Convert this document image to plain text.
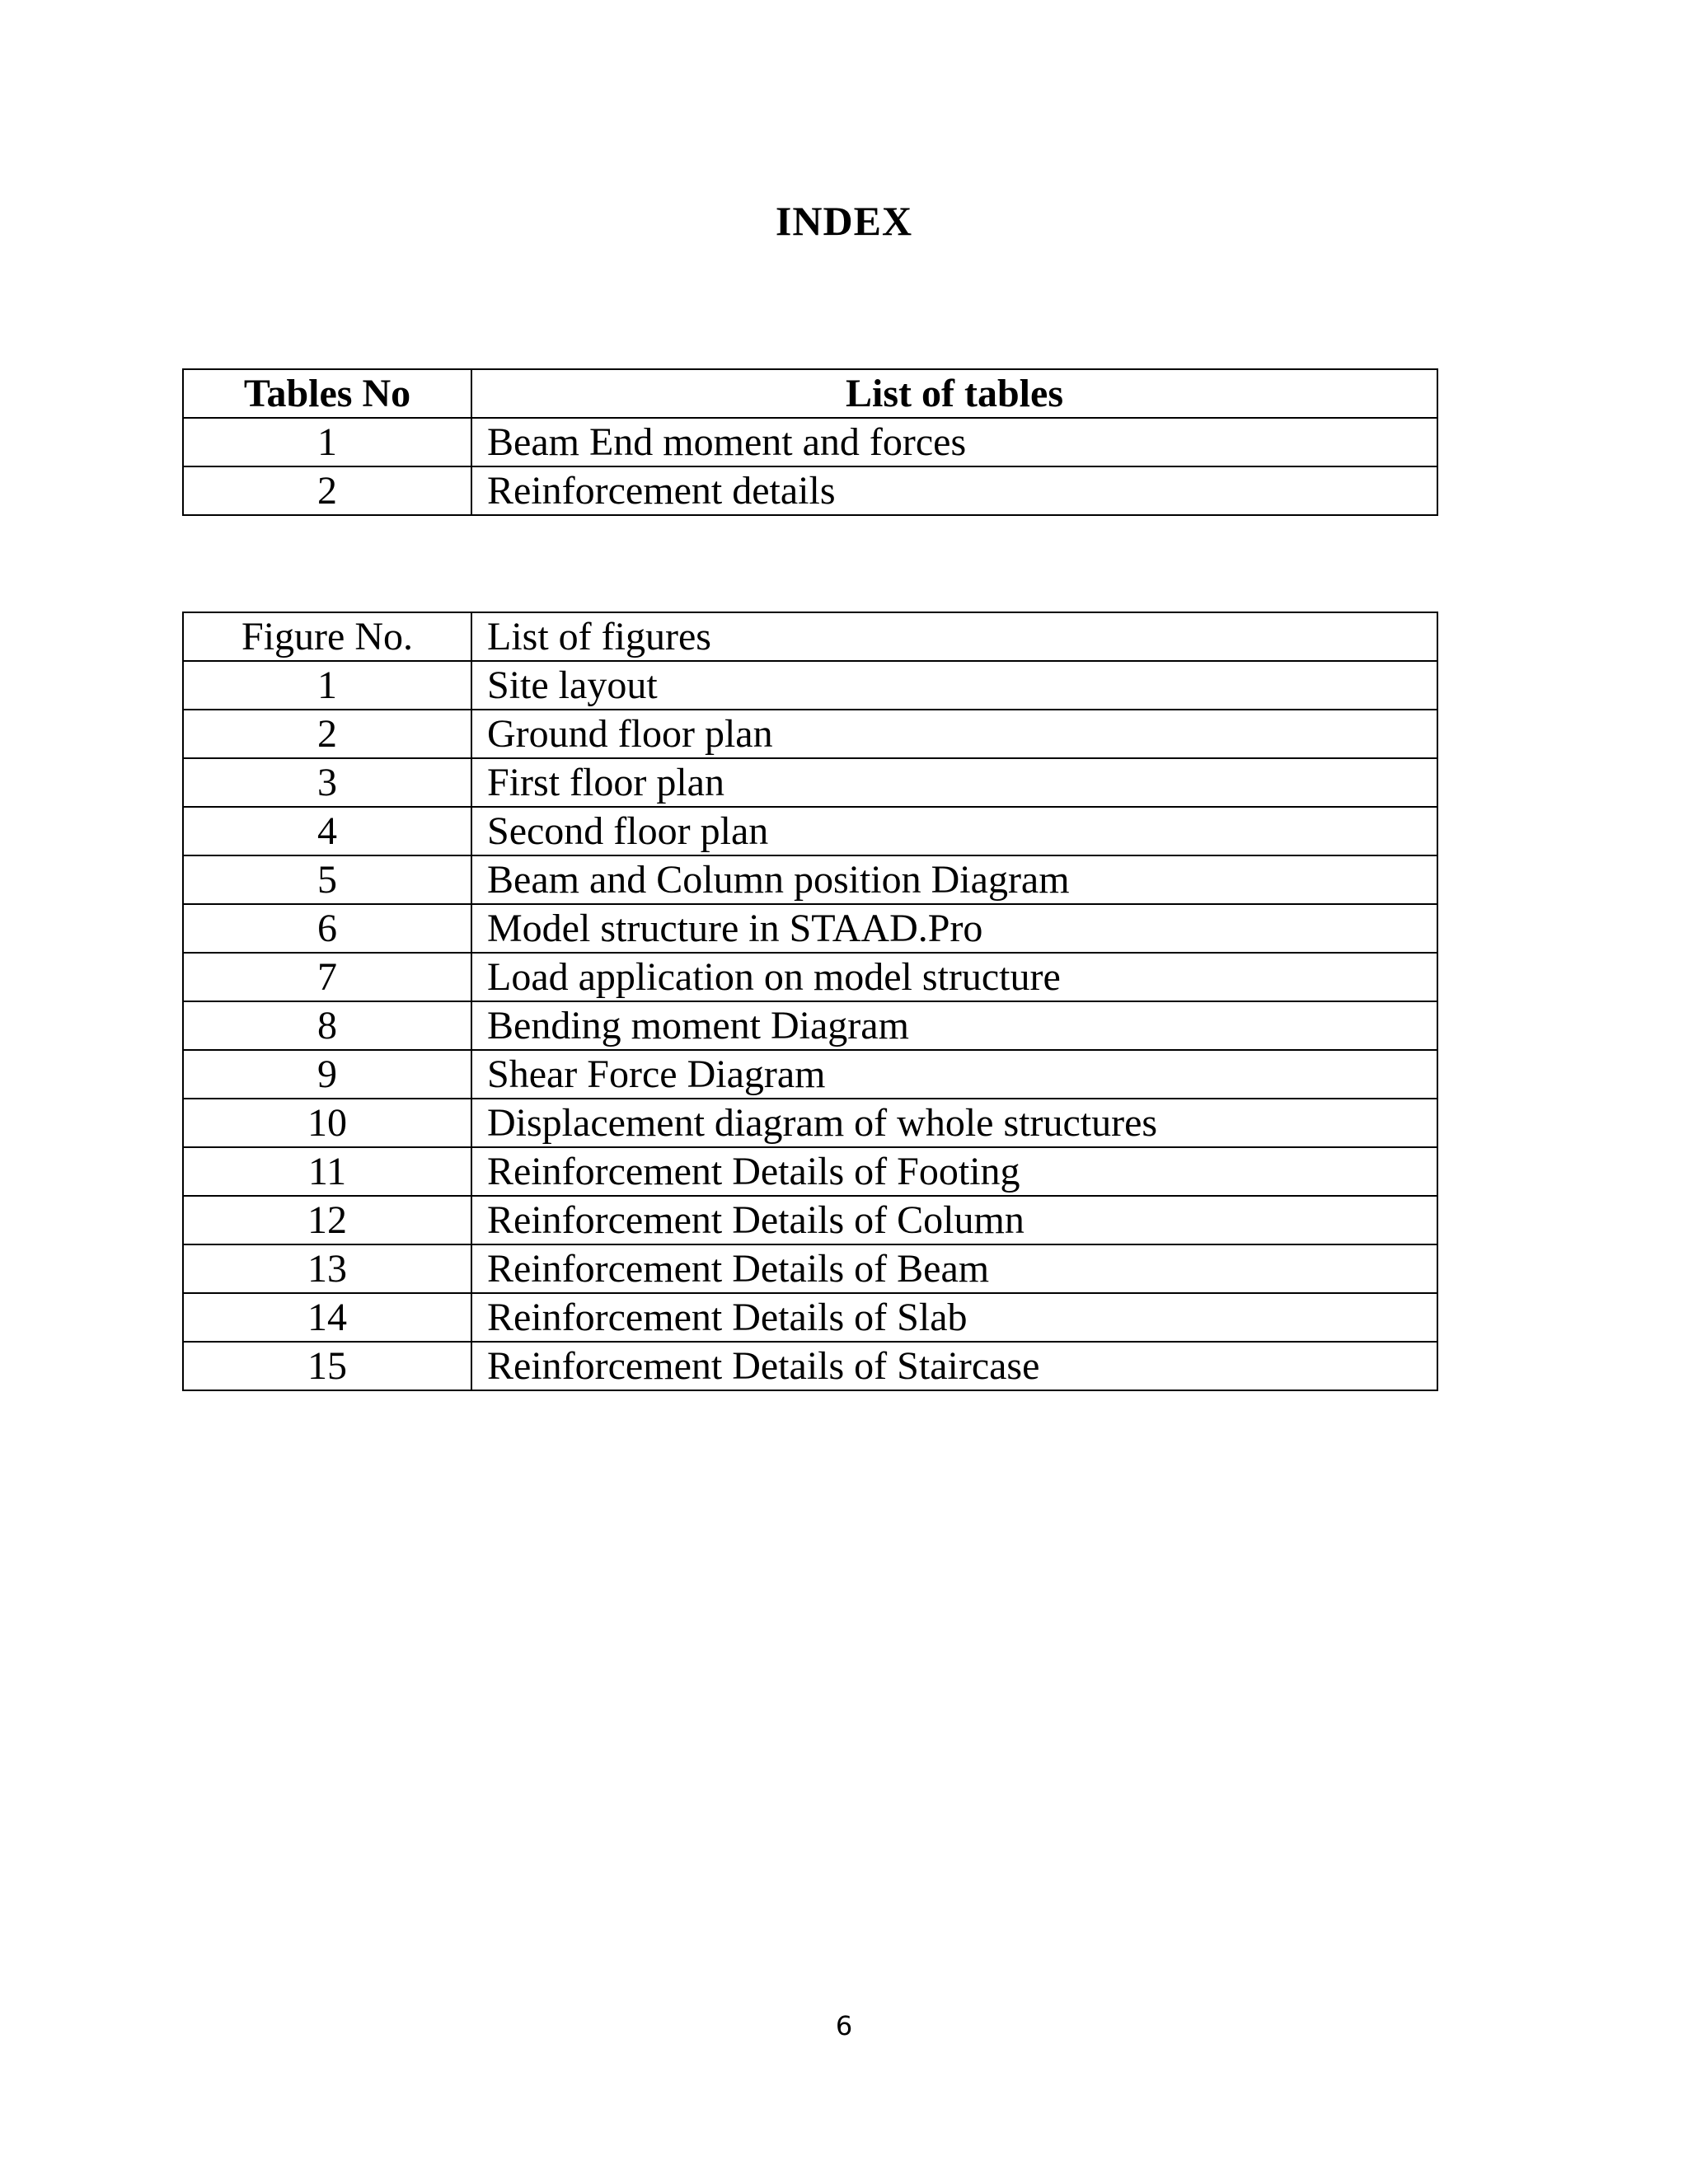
INDEX
Tables No	List of tables
1	Beam End moment and forces
2	Reinforcement details
Figure No.	List of figures
1	Site layout
2	Ground floor plan
3	First floor plan
4	Second floor plan
5	Beam and Column position Diagram
6	Model structure in STAAD.Pro
7	Load application on model structure
8	Bending moment Diagram
9	Shear Force Diagram
10	Displacement diagram of whole structures
11	Reinforcement Details of Footing
12	Reinforcement Details of Column
13	Reinforcement Details of Beam
14	Reinforcement Details of Slab
15	Reinforcement Details of Staircase
6
